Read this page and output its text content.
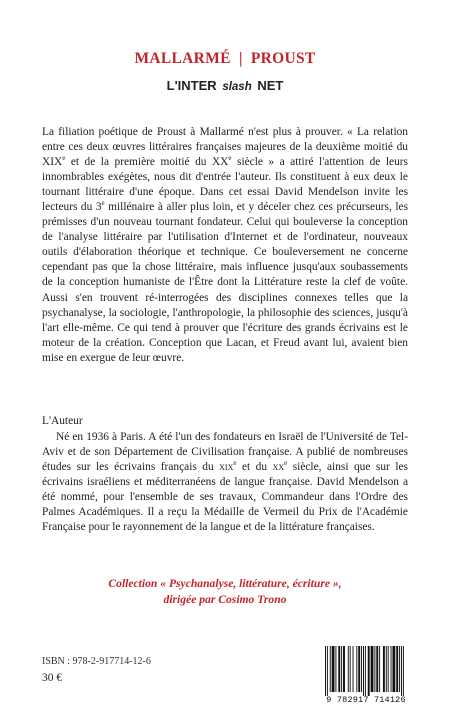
MALLARMÉ | PROUST
L'INTER slash NET

La filiation poétique de Proust à Mallarmé n'est plus à prouver. « La relation entre ces deux œuvres littéraires françaises majeures de la deuxième moitié du XIXe et de la première moitié du XXe siècle » a attiré l'attention de leurs innombrables exégètes, nous dit d'entrée l'auteur. Ils constituent à eux deux le tournant littéraire d'une époque. Dans cet essai David Mendelson invite les lecteurs du 3e millénaire à aller plus loin, et y déceler chez ces précurseurs, les prémisses d'un nouveau tournant fondateur. Celui qui bouleverse la conception de l'analyse littéraire par l'utilisation d'Internet et de l'ordinateur, nouveaux outils d'élaboration théorique et technique. Ce bouleversement ne concerne cependant pas que la chose littéraire, mais influence jusqu'aux soubassements de la conception humaniste de l'Être dont la Littérature reste la clef de voûte. Aussi s'en trouvent ré-interrogées des disciplines connexes telles que la psychanalyse, la sociologie, l'anthropologie, la philosophie des sciences, jusqu'à l'art elle-même. Ce qui tend à prouver que l'écriture des grands écrivains est le moteur de la création. Conception que Lacan, et Freud avant lui, avaient bien mise en exergue de leur œuvre.

L'Auteur

Né en 1936 à Paris. A été l'un des fondateurs en Israël de l'Université de Tel-Aviv et de son Département de Civilisation française. A publié de nombreuses études sur les écrivains français du xix$^e$ et du $xx^e$ siècle, ainsi que sur les écrivains israéliens et méditerranéens de langue française. David Mendelson a été nommé, pour l'ensemble de ses travaux, Commandeur dans l'Ordre des Palmes Académiques. Il a reçu la Médaille de Vermeil du Prix de l'Académie Française pour le rayonnement de la langue et de la littérature françaises.

Collection « Psychanalyse, littérature, écriture »,
dirigée par Cosimo Trono
ISBN : 978-2-917714-12-6
30 €
9 782917 714126
